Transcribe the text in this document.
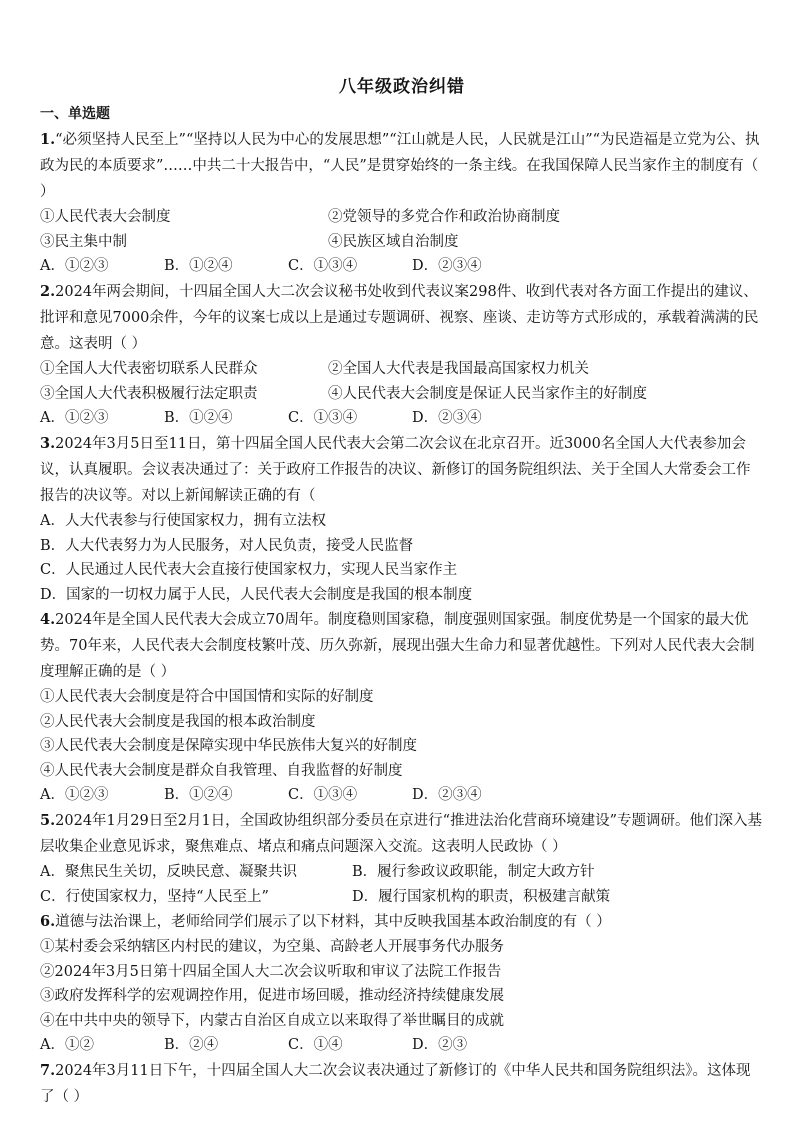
八年级政治纠错
一、单选题

1.“必须坚持人民至上”“坚持以人民为中心的发展思想”“江山就是人民，人民就是江山”“为民造福是立党为公、执政为民的本质要求”……中共二十大报告中，“人民”是贯穿始终的一条主线。在我国保障人民当家作主的制度有（ ）

①人民代表大会制度	②党领导的多党合作和政治协商制度
③民主集中制	④民族区域自治制度
A．①②③	B．①②④	C．①③④	D．②③④

2.2024年两会期间，十四届全国人大二次会议秘书处收到代表议案298件、收到代表对各方面工作提出的建议、批评和意见7000余件，今年的议案七成以上是通过专题调研、视察、座谈、走访等方式形成的，承载着满满的民意。这表明（ ）

①全国人大代表密切联系人民群众	②全国人大代表是我国最高国家权力机关
③全国人大代表积极履行法定职责	④人民代表大会制度是保证人民当家作主的好制度
A．①②③	B．①②④	C．①③④	D．②③④

3.2024年3月5日至11日，第十四届全国人民代表大会第二次会议在北京召开。近3000名全国人大代表参加会议，认真履职。会议表决通过了：关于政府工作报告的决议、新修订的国务院组织法、关于全国人大常委会工作报告的决议等。对以上新闻解读正确的有（

A．人大代表参与行使国家权力，拥有立法权
B．人大代表努力为人民服务，对人民负责，接受人民监督
C．人民通过人民代表大会直接行使国家权力，实现人民当家作主
D．国家的一切权力属于人民，人民代表大会制度是我国的根本制度

4.2024年是全国人民代表大会成立70周年。制度稳则国家稳，制度强则国家强。制度优势是一个国家的最大优势。70年来，人民代表大会制度枝繁叶茂、历久弥新，展现出强大生命力和显著优越性。下列对人民代表大会制度理解正确的是（ ）

①人民代表大会制度是符合中国国情和实际的好制度
②人民代表大会制度是我国的根本政治制度
③人民代表大会制度是保障实现中华民族伟大复兴的好制度
④人民代表大会制度是群众自我管理、自我监督的好制度
A．①②③	B．①②④	C．①③④	D．②③④

5.2024年1月29日至2月1日，全国政协组织部分委员在京进行“推进法治化营商环境建设”专题调研。他们深入基层收集企业意见诉求，聚焦难点、堵点和痛点问题深入交流。这表明人民政协（ ）

A．聚焦民生关切，反映民意、凝聚共识	B．履行参政议政职能，制定大政方针
C．行使国家权力，坚持“人民至上”	D．履行国家机构的职责，积极建言献策

6.道德与法治课上，老师给同学们展示了以下材料，其中反映我国基本政治制度的有（ ）

①某村委会采纳辖区内村民的建议，为空巢、高龄老人开展事务代办服务
②2024年3月5日第十四届全国人大二次会议听取和审议了法院工作报告
③政府发挥科学的宏观调控作用，促进市场回暖，推动经济持续健康发展
④在中共中央的领导下，内蒙古自治区自成立以来取得了举世瞩目的成就
A．①②	B．②④	C．①④	D．②③

7.2024年3月11日下午，十四届全国人大二次会议表决通过了新修订的《中华人民共和国务院组织法》。这体现了（ ）
